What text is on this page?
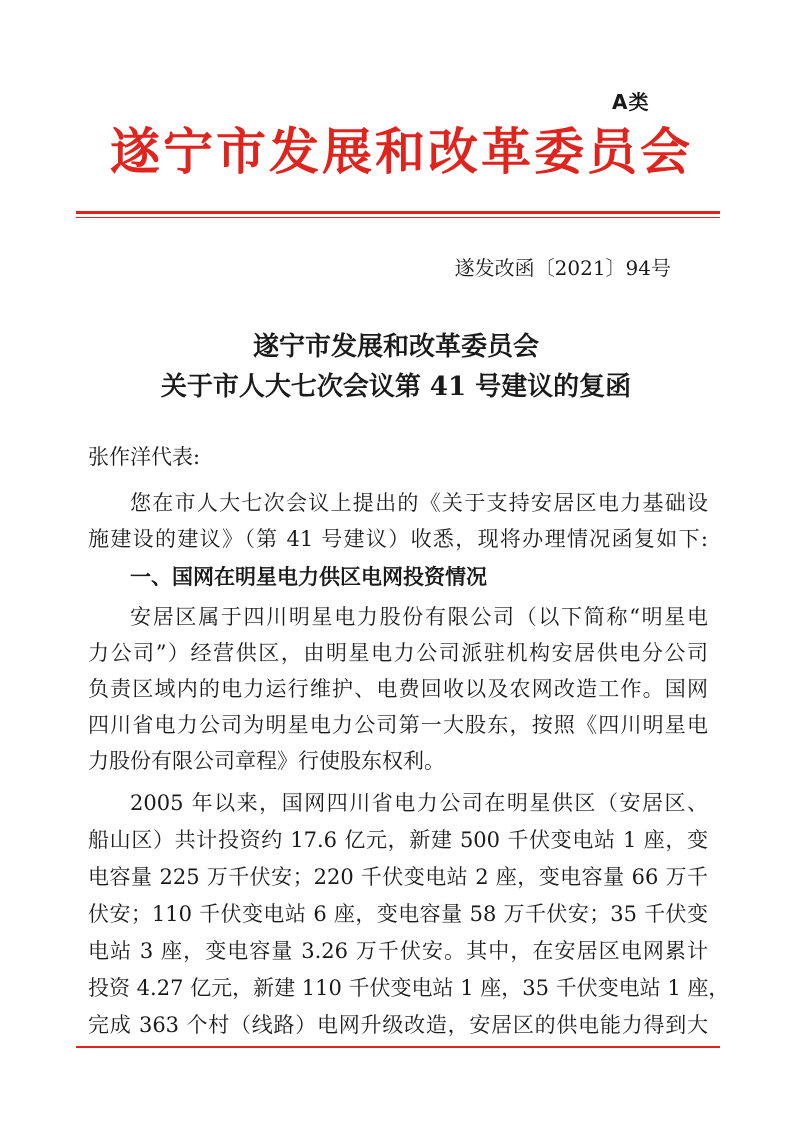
A类
遂宁市发展和改革委员会
遂发改函〔2021〕94号
遂宁市发展和改革委员会
关于市人大七次会议第 41 号建议的复函
张作洋代表:
您在市人大七次会议上提出的《关于支持安居区电力基础设
施建设的建议》（第 41 号建议）收悉，现将办理情况函复如下:
一、国网在明星电力供区电网投资情况
安居区属于四川明星电力股份有限公司（以下简称“明星电
力公司”）经营供区，由明星电力公司派驻机构安居供电分公司
负责区域内的电力运行维护、电费回收以及农网改造工作。国网
四川省电力公司为明星电力公司第一大股东，按照《四川明星电
力股份有限公司章程》行使股东权利。
2005 年以来，国网四川省电力公司在明星供区（安居区、
船山区）共计投资约 17.6 亿元，新建 500 千伏变电站 1 座，变
电容量 225 万千伏安；220 千伏变电站 2 座，变电容量 66 万千
伏安；110 千伏变电站 6 座，变电容量 58 万千伏安；35 千伏变
电站 3 座，变电容量 3.26 万千伏安。其中，在安居区电网累计
投资 4.27 亿元，新建 110 千伏变电站 1 座，35 千伏变电站 1 座，
完成 363 个村（线路）电网升级改造，安居区的供电能力得到大
